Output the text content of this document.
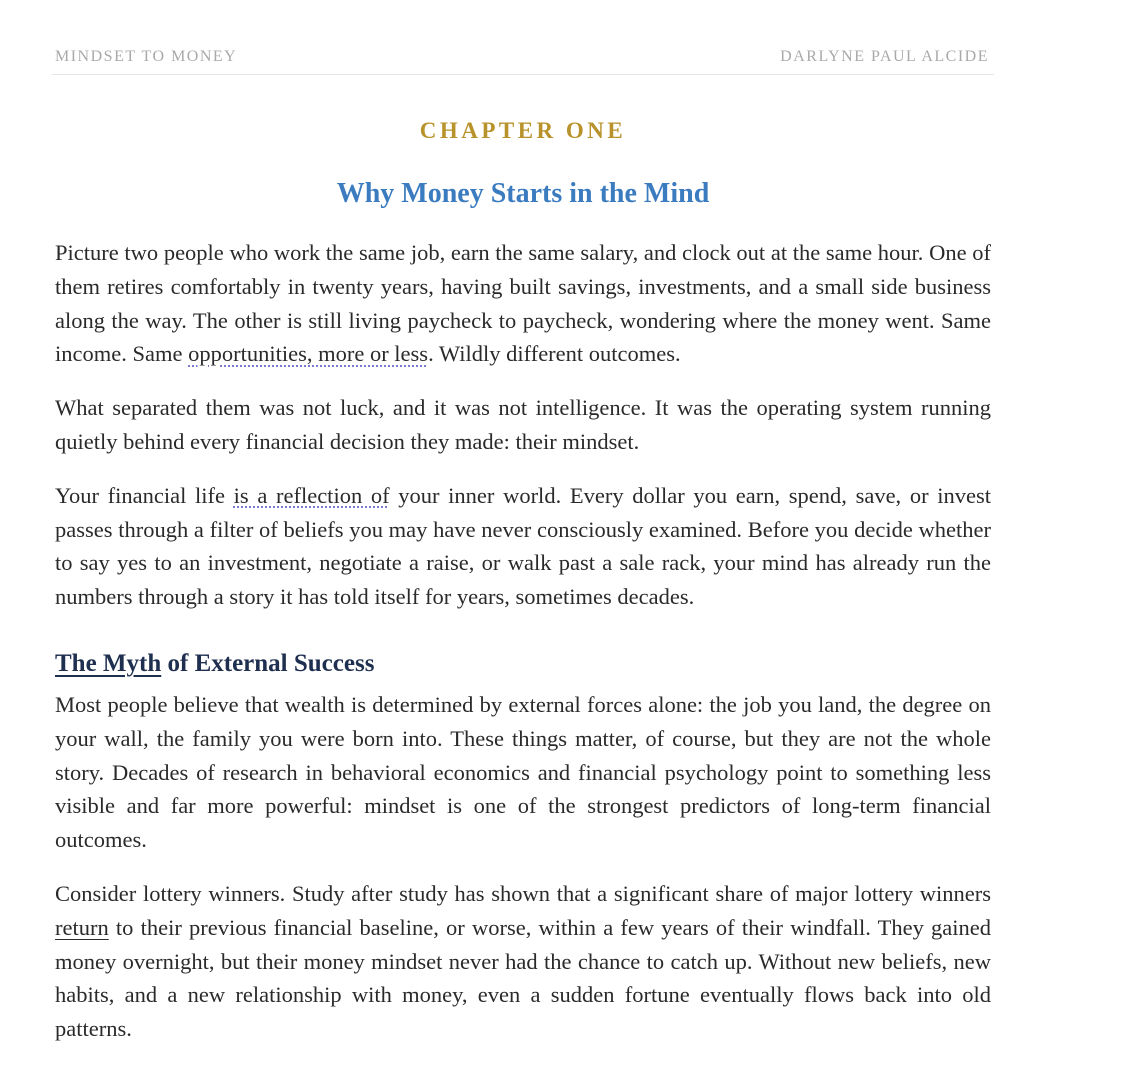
MINDSET TO MONEY	DARLYNE PAUL ALCIDE
CHAPTER ONE
Why Money Starts in the Mind

Picture two people who work the same job, earn the same salary, and clock out at the same hour. One of them retires comfortably in twenty years, having built savings, investments, and a small side business along the way. The other is still living paycheck to paycheck, wondering where the money went. Same income. Same opportunities, more or less. Wildly different outcomes.

What separated them was not luck, and it was not intelligence. It was the operating system running quietly behind every financial decision they made: their mindset.

Your financial life is a reflection of your inner world. Every dollar you earn, spend, save, or invest passes through a filter of beliefs you may have never consciously examined. Before you decide whether to say yes to an investment, negotiate a raise, or walk past a sale rack, your mind has already run the numbers through a story it has told itself for years, sometimes decades.

The Myth of External Success

Most people believe that wealth is determined by external forces alone: the job you land, the degree on your wall, the family you were born into. These things matter, of course, but they are not the whole story. Decades of research in behavioral economics and financial psychology point to something less visible and far more powerful: mindset is one of the strongest predictors of long-term financial outcomes.

Consider lottery winners. Study after study has shown that a significant share of major lottery winners return to their previous financial baseline, or worse, within a few years of their windfall. They gained money overnight, but their money mindset never had the chance to catch up. Without new beliefs, new habits, and a new relationship with money, even a sudden fortune eventually flows back into old patterns.
